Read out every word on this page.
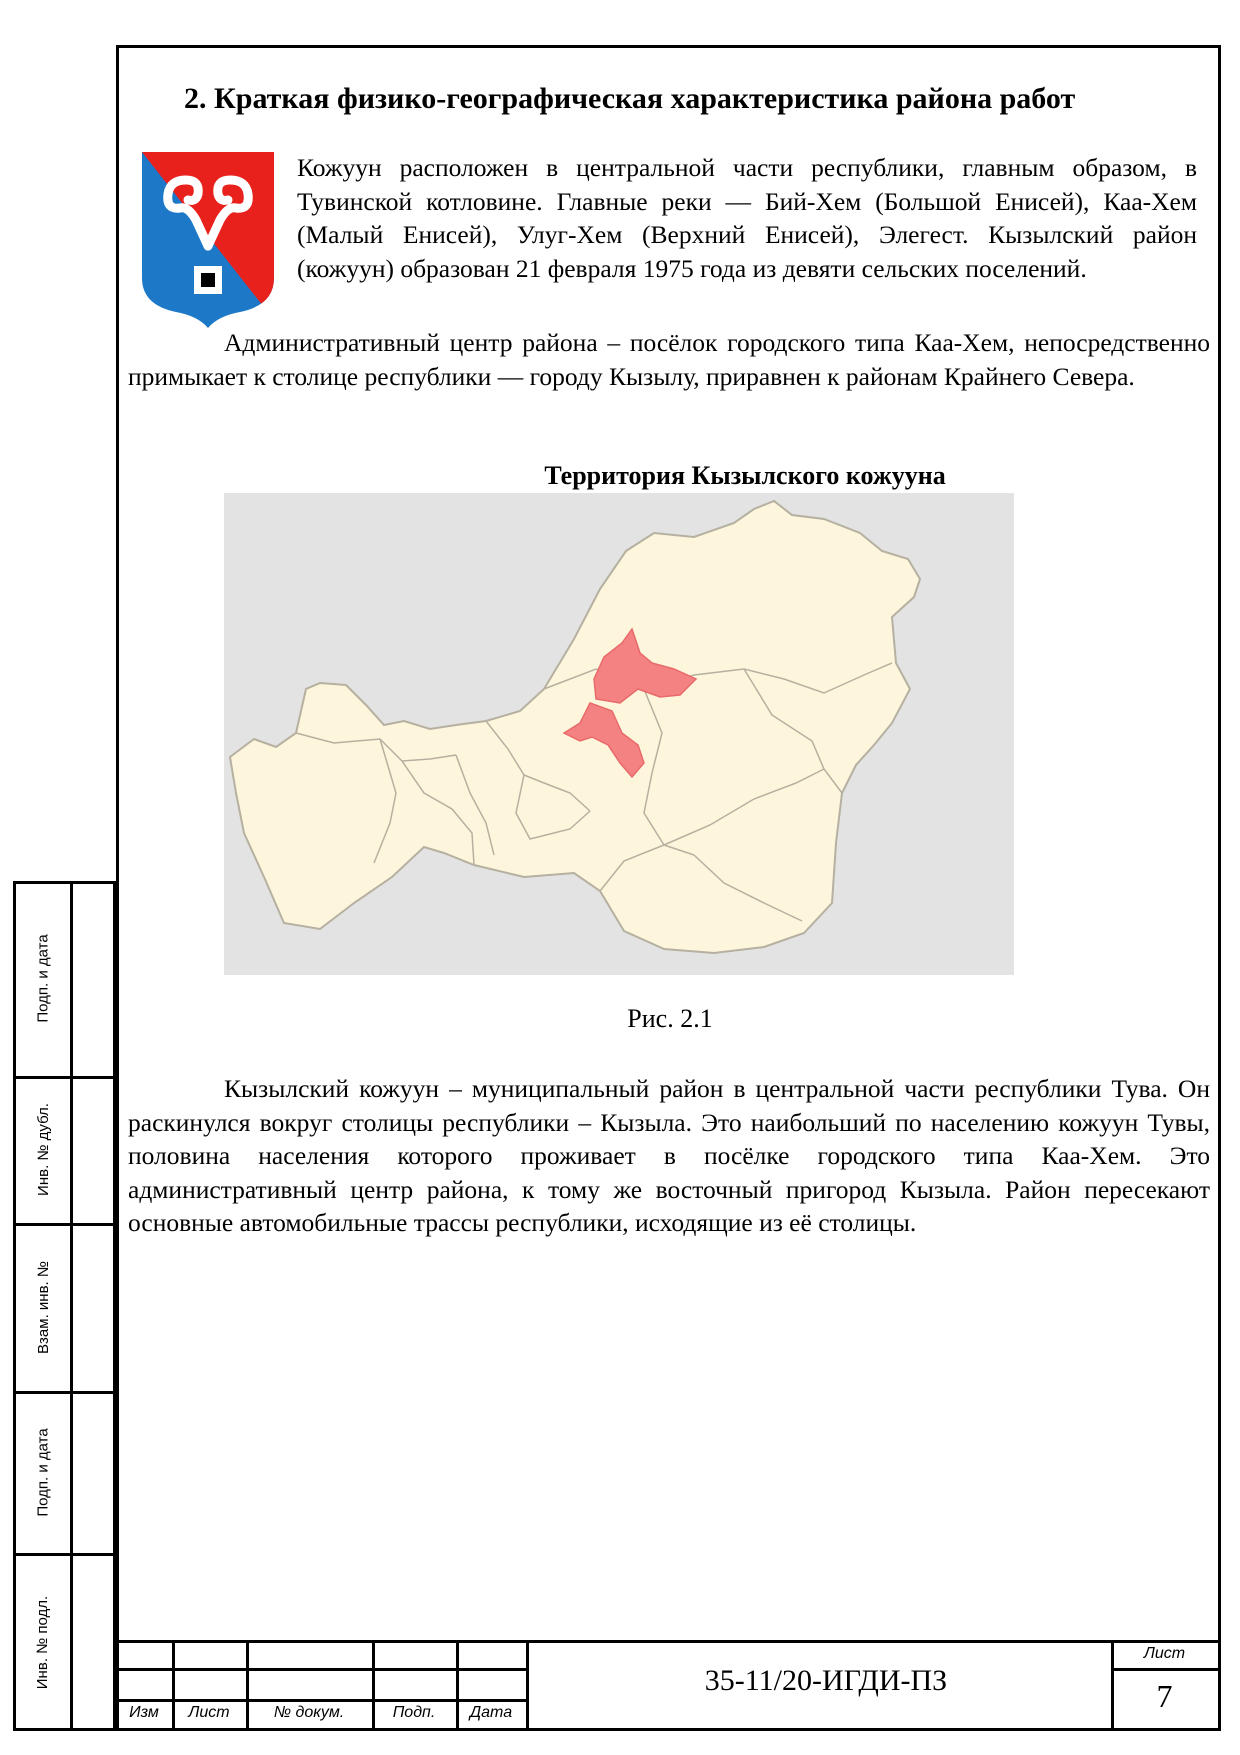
2. Краткая физико-географическая характеристика района работ

Кожуун расположен в центральной части республики, главным образом, в Тувинской котловине. Главные реки — Бий-Хем (Большой Енисей), Каа-Хем (Малый Енисей), Улуг-Хем (Верхний Енисей), Элегест. Кызылский район (кожуун) образован 21 февраля 1975 года из девяти сельских поселений.

Административный центр района – посёлок городского типа Каа-Хем, непосредственно примыкает к столице республики — городу Кызылу, приравнен к районам Крайнего Севера.

Территория Кызылского кожууна
Рис. 2.1

Кызылский кожуун – муниципальный район в центральной части республики Тува. Он раскинулся вокруг столицы республики – Кызыла. Это наибольший по населению кожуун Тувы, половина населения которого проживает в посёлке городского типа Каа-Хем. Это административный центр района, к тому же восточный пригород Кызыла. Район пересекают основные автомобильные трассы республики, исходящие из её столицы.

Подп. и дата
Инв. № дубл.
Взам. инв. №
Подп. и дата
Инв. № подл.
Изм	Лист	№ докум.	Подп.	Дата
35-11/20-ИГДИ-ПЗ
Лист
7
